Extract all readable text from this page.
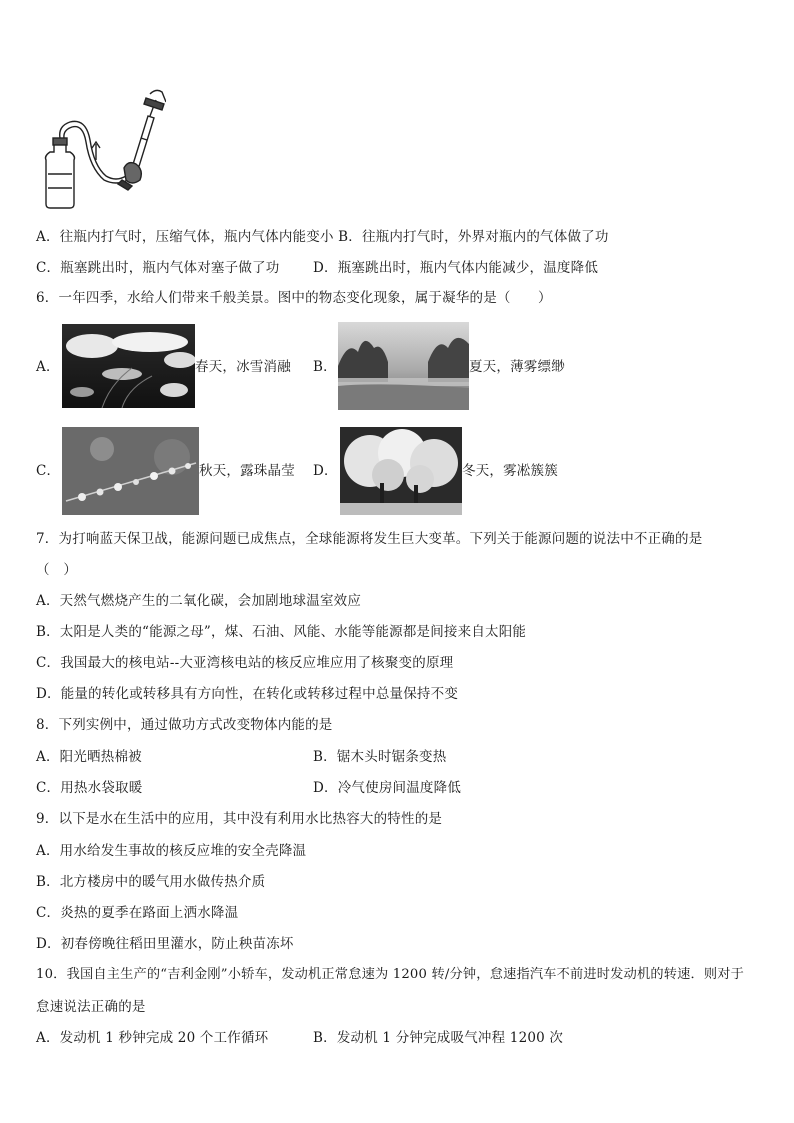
A．往瓶内打气时，压缩气体，瓶内气体内能变小 B．往瓶内打气时，外界对瓶内的气体做了功
C．瓶塞跳出时，瓶内气体对塞子做了功 D．瓶塞跳出时，瓶内气体内能减少，温度降低
6．一年四季，水给人们带来千般美景。图中的物态变化现象，属于凝华的是（　　）
A．	春天，冰雪消融 B．	夏天，薄雾缥缈
C．	秋天，露珠晶莹 D．	冬天，雾凇簇簇
7．为打响蓝天保卫战，能源问题已成焦点，全球能源将发生巨大变革。下列关于能源问题的说法中不正确的是
（　）
A．天然气燃烧产生的二氧化碳，会加剧地球温室效应
B．太阳是人类的“能源之母”，煤、石油、风能、水能等能源都是间接来自太阳能
C．我国最大的核电站--大亚湾核电站的核反应堆应用了核聚变的原理
D．能量的转化或转移具有方向性，在转化或转移过程中总量保持不变
8．下列实例中，通过做功方式改变物体内能的是
A．阳光晒热棉被	B．锯木头时锯条变热
C．用热水袋取暖	D．冷气使房间温度降低
9．以下是水在生活中的应用，其中没有利用水比热容大的特性的是
A．用水给发生事故的核反应堆的安全壳降温
B．北方楼房中的暖气用水做传热介质
C．炎热的夏季在路面上洒水降温
D．初春傍晚往稻田里灌水，防止秧苗冻坏
10．我国自主生产的“吉利金刚”小轿车，发动机正常怠速为 1200 转/分钟，怠速指汽车不前进时发动机的转速．则对于
怠速说法正确的是
A．发动机 1 秒钟完成 20 个工作循环	B．发动机 1 分钟完成吸气冲程 1200 次
